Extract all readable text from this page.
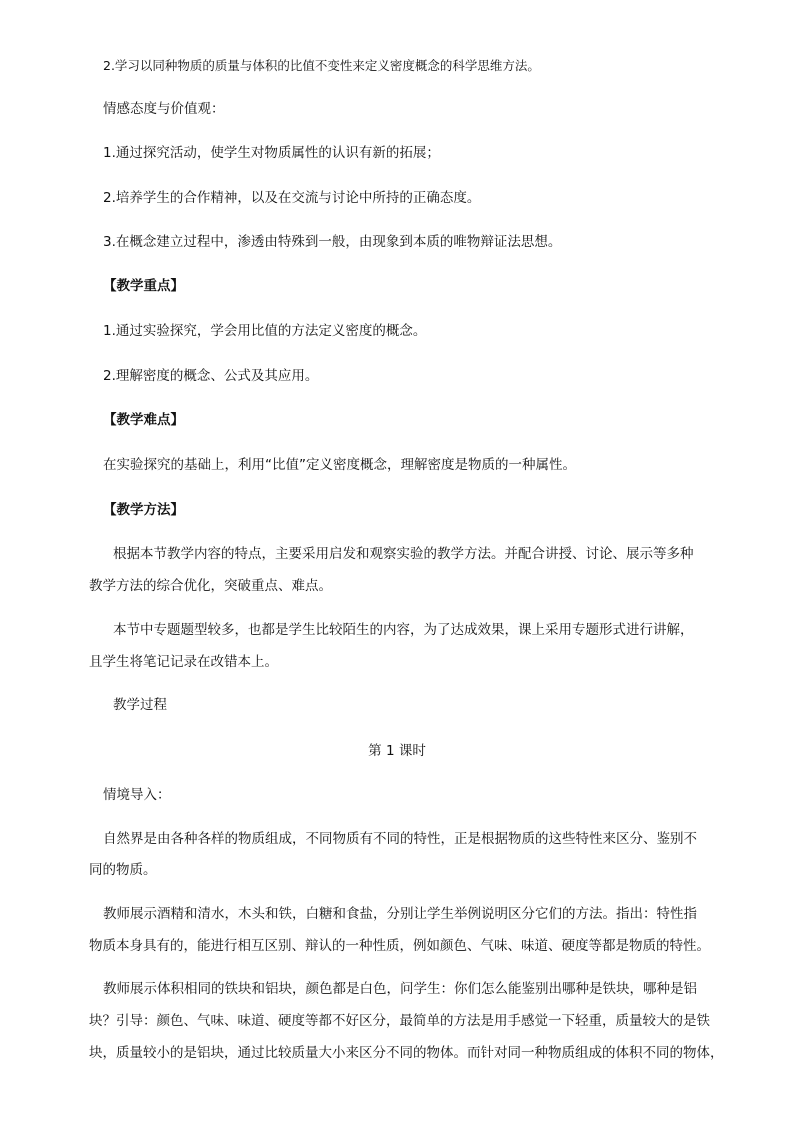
2.学习以同种物质的质量与体积的比值不变性来定义密度概念的科学思维方法。

情感态度与价值观：

1.通过探究活动，使学生对物质属性的认识有新的拓展；

2.培养学生的合作精神，以及在交流与讨论中所持的正确态度。

3.在概念建立过程中，渗透由特殊到一般，由现象到本质的唯物辩证法思想。

【教学重点】

1.通过实验探究，学会用比值的方法定义密度的概念。

2.理解密度的概念、公式及其应用。

【教学难点】

在实验探究的基础上，利用“比值”定义密度概念，理解密度是物质的一种属性。

【教学方法】

根据本节教学内容的特点，主要采用启发和观察实验的教学方法。并配合讲授、讨论、展示等多种

教学方法的综合优化，突破重点、难点。

本节中专题题型较多，也都是学生比较陌生的内容，为了达成效果，课上采用专题形式进行讲解，

且学生将笔记记录在改错本上。

教学过程

第 1 课时

情境导入：

自然界是由各种各样的物质组成，不同物质有不同的特性，正是根据物质的这些特性来区分、鉴别不

同的物质。

教师展示酒精和清水，木头和铁，白糖和食盐，分别让学生举例说明区分它们的方法。指出：特性指

物质本身具有的，能进行相互区别、辩认的一种性质，例如颜色、气味、味道、硬度等都是物质的特性。

教师展示体积相同的铁块和铝块，颜色都是白色，问学生：你们怎么能鉴别出哪种是铁块，哪种是铝

块？引导：颜色、气味、味道、硬度等都不好区分，最简单的方法是用手感觉一下轻重，质量较大的是铁

块，质量较小的是铝块，通过比较质量大小来区分不同的物体。而针对同一种物质组成的体积不同的物体，
